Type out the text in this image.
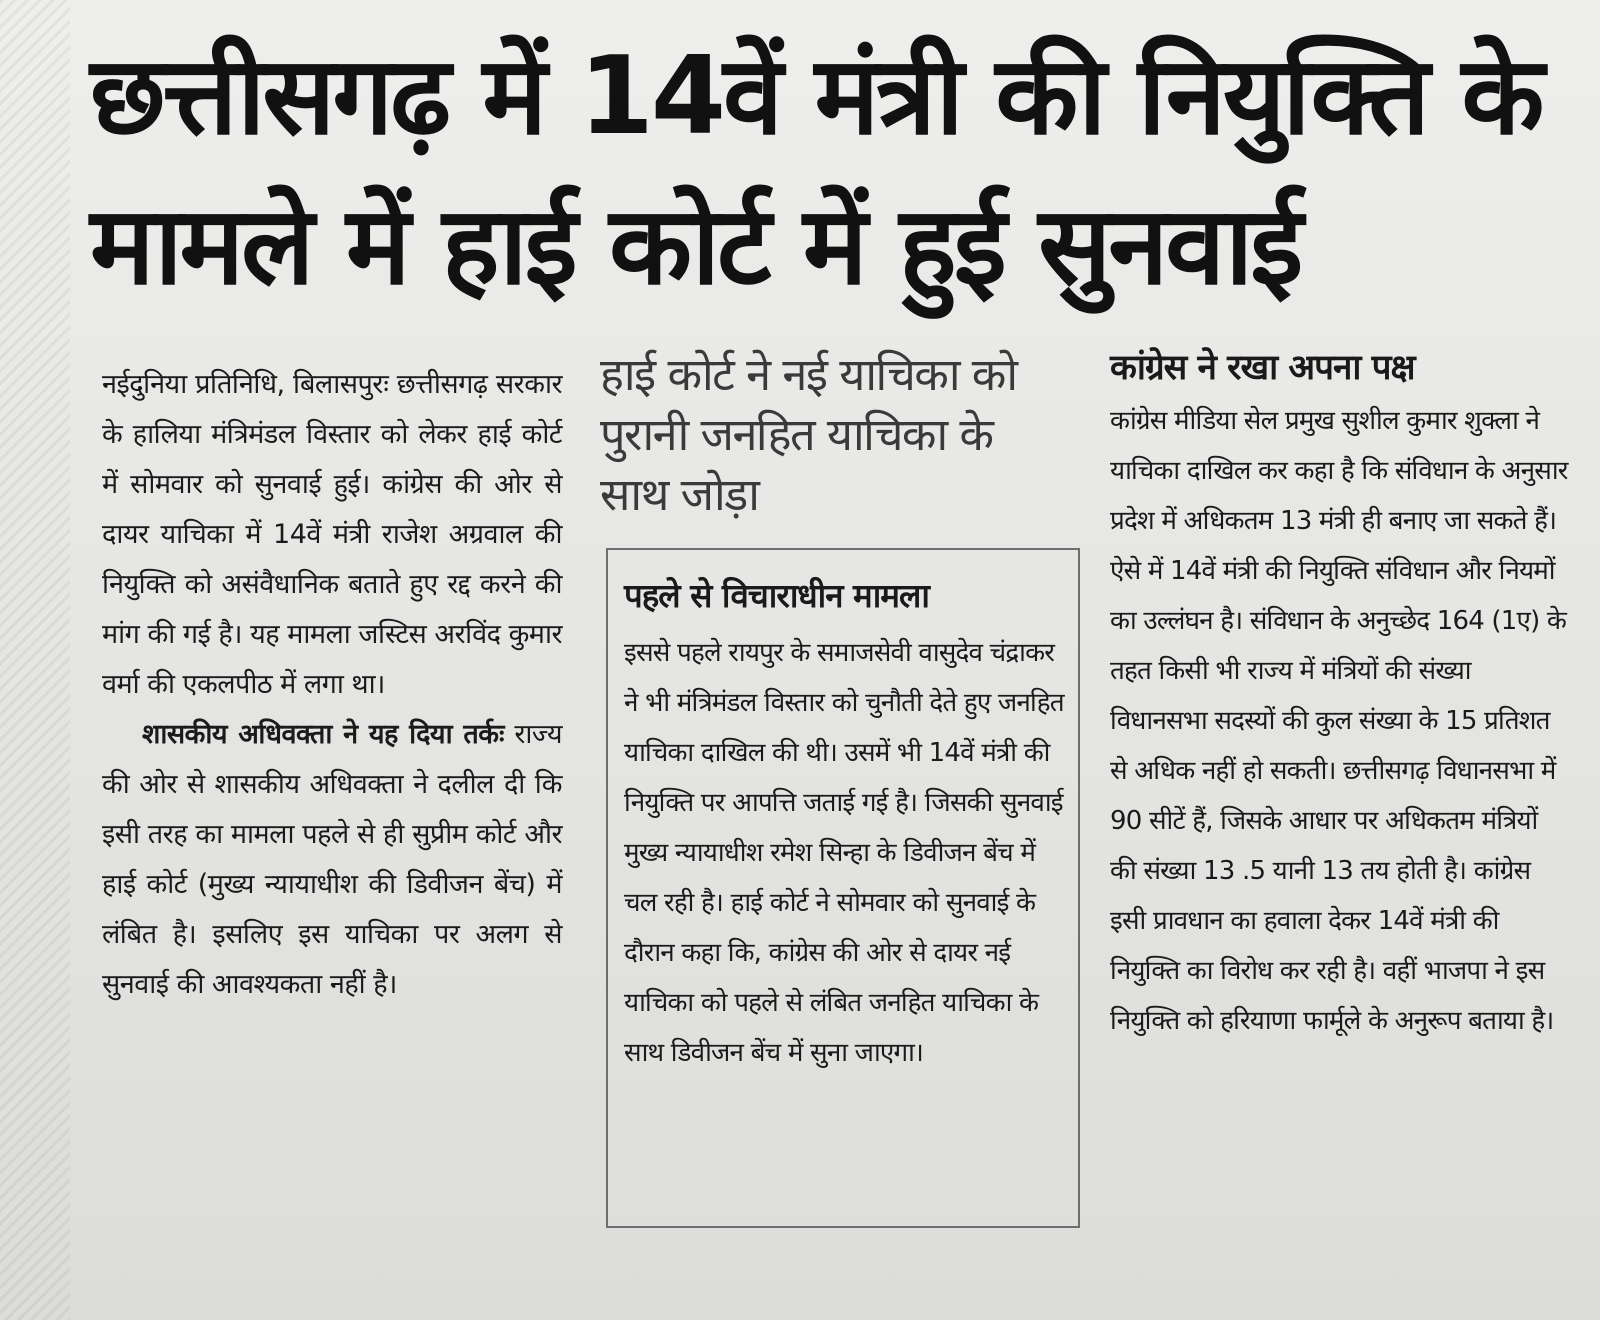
छत्तीसगढ़ में 14वें मंत्री की नियुक्ति के मामले में हाई कोर्ट में हुई सुनवाई

नईदुनिया प्रतिनिधि, बिलासपुरः छत्तीसगढ़ सरकार के हालिया मंत्रिमंडल विस्तार को लेकर हाई कोर्ट में सोमवार को सुनवाई हुई। कांग्रेस की ओर से दायर याचिका में 14वें मंत्री राजेश अग्रवाल की नियुक्ति को असंवैधानिक बताते हुए रद्द करने की मांग की गई है। यह मामला जस्टिस अरविंद कुमार वर्मा की एकलपीठ में लगा था।

शासकीय अधिवक्ता ने यह दिया तर्कः राज्य की ओर से शासकीय अधिवक्ता ने दलील दी कि इसी तरह का मामला पहले से ही सुप्रीम कोर्ट और हाई कोर्ट (मुख्य न्यायाधीश की डिवीजन बेंच) में लंबित है। इसलिए इस याचिका पर अलग से सुनवाई की आवश्यकता नहीं है।

हाई कोर्ट ने नई याचिका को पुरानी जनहित याचिका के साथ जोड़ा
पहले से विचाराधीन मामला

इससे पहले रायपुर के समाजसेवी वासुदेव चंद्राकर ने भी मंत्रिमंडल विस्तार को चुनौती देते हुए जनहित याचिका दाखिल की थी। उसमें भी 14वें मंत्री की नियुक्ति पर आपत्ति जताई गई है। जिसकी सुनवाई मुख्य न्यायाधीश रमेश सिन्हा के डिवीजन बेंच में चल रही है। हाई कोर्ट ने सोमवार को सुनवाई के दौरान कहा कि, कांग्रेस की ओर से दायर नई याचिका को पहले से लंबित जनहित याचिका के साथ डिवीजन बेंच में सुना जाएगा।

कांग्रेस ने रखा अपना पक्ष

कांग्रेस मीडिया सेल प्रमुख सुशील कुमार शुक्ला ने याचिका दाखिल कर कहा है कि संविधान के अनुसार प्रदेश में अधिकतम 13 मंत्री ही बनाए जा सकते हैं। ऐसे में 14वें मंत्री की नियुक्ति संविधान और नियमों का उल्लंघन है। संविधान के अनुच्छेद 164 (1ए) के तहत किसी भी राज्य में मंत्रियों की संख्या विधानसभा सदस्यों की कुल संख्या के 15 प्रतिशत से अधिक नहीं हो सकती। छत्तीसगढ़ विधानसभा में 90 सीटें हैं, जिसके आधार पर अधिकतम मंत्रियों की संख्या 13 .5 यानी 13 तय होती है। कांग्रेस इसी प्रावधान का हवाला देकर 14वें मंत्री की नियुक्ति का विरोध कर रही है। वहीं भाजपा ने इस नियुक्ति को हरियाणा फार्मूले के अनुरूप बताया है।
